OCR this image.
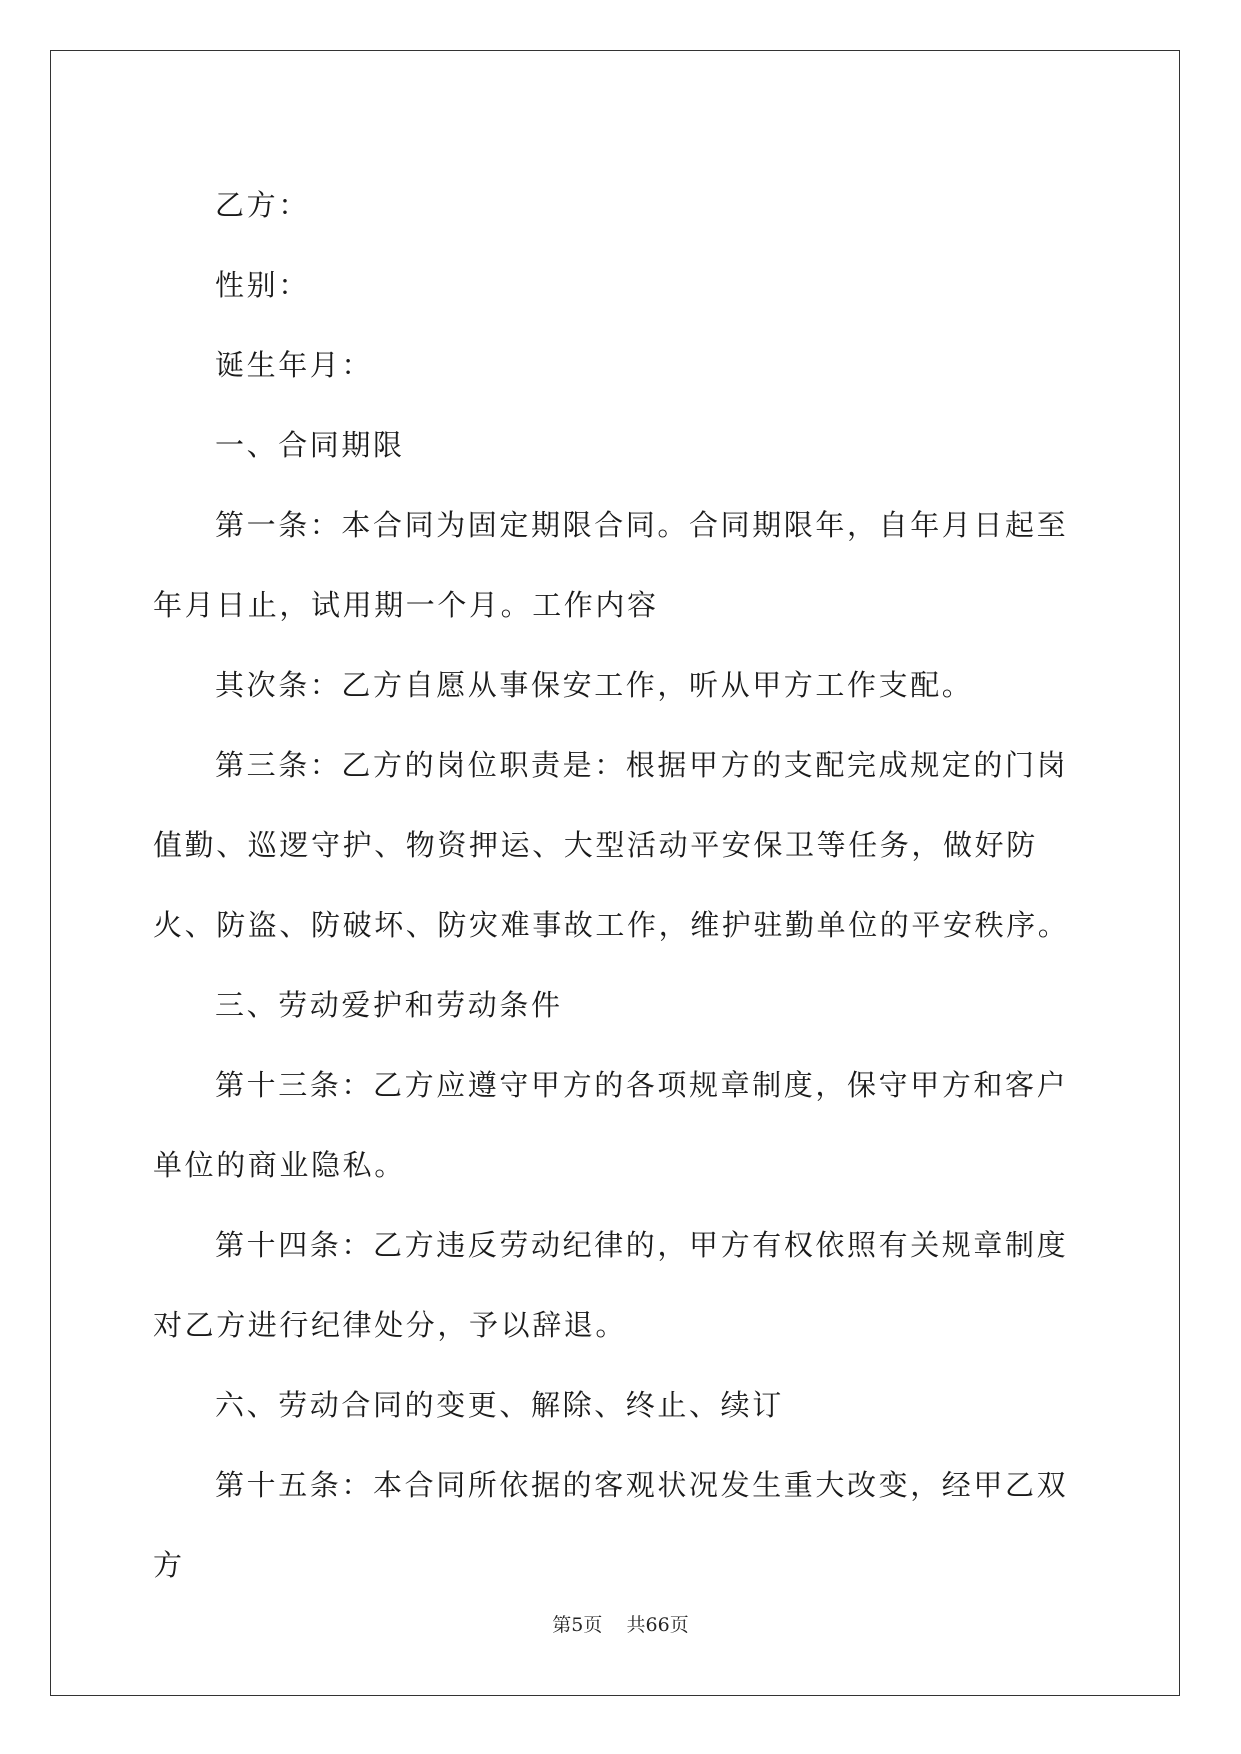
乙方：

性别：

诞生年月：

一、合同期限

第一条：本合同为固定期限合同。合同期限年，自年月日起至年月日止，试用期一个月。工作内容

其次条：乙方自愿从事保安工作，听从甲方工作支配。

第三条：乙方的岗位职责是：根据甲方的支配完成规定的门岗值勤、巡逻守护、物资押运、大型活动平安保卫等任务，做好防火、防盗、防破坏、防灾难事故工作，维护驻勤单位的平安秩序。

三、劳动爱护和劳动条件

第十三条：乙方应遵守甲方的各项规章制度，保守甲方和客户单位的商业隐私。

第十四条：乙方违反劳动纪律的，甲方有权依照有关规章制度对乙方进行纪律处分，予以辞退。

六、劳动合同的变更、解除、终止、续订

第十五条：本合同所依据的客观状况发生重大改变，经甲乙双方

第5页 共66页
